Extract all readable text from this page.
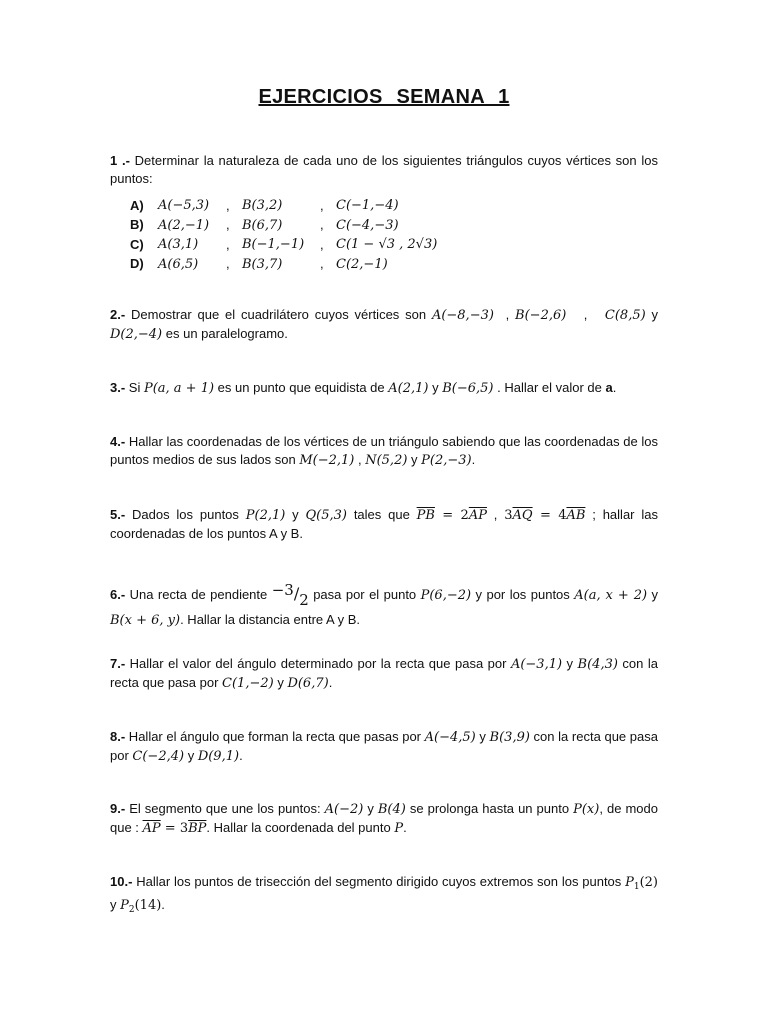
EJERCICIOS SEMANA 1
1 .- Determinar la naturaleza de cada uno de los siguientes triángulos cuyos vértices son los puntos:
A)	A(−5,3)	,	B(3,2)	,	C(−1,−4)
B)	A(2,−1)	,	B(6,7)	,	C(−4,−3)
C)	A(3,1)	,	B(−1,−1)	,	C(1 − √3 , 2√3)
D)	A(6,5)	,	B(3,7)	,	C(2,−1)
2.- Demostrar que el cuadrilátero cuyos vértices son A(−8,−3)  , B(−2,6)   ,   C(8,5) y D(2,−4) es un paralelogramo.
3.- Si P(a, a + 1) es un punto que equidista de A(2,1) y B(−6,5) . Hallar el valor de a.
4.- Hallar las coordenadas de los vértices de un triángulo sabiendo que las coordenadas de los puntos medios de sus lados son M(−2,1) , N(5,2) y P(2,−3).
5.- Dados los puntos P(2,1) y Q(5,3) tales que $\overline{PB} = 2\overline{AP}$ , $3\overline{AQ} = 4\overline{AB}$ ; hallar las coordenadas de los puntos A y B.
6.- Una recta de pendiente −3/2 pasa por el punto P(6,−2) y por los puntos A(a, x + 2) y B(x + 6, y). Hallar la distancia entre A y B.
7.- Hallar el valor del ángulo determinado por la recta que pasa por A(−3,1) y B(4,3) con la recta que pasa por C(1,−2) y D(6,7).
8.- Hallar el ángulo que forman la recta que pasas por A(−4,5) y B(3,9) con la recta que pasa por C(−2,4) y D(9,1).
9.- El segmento que une los puntos: A(−2) y B(4) se prolonga hasta un punto P(x), de modo que : $\overline{AP} = 3\overline{BP}$. Hallar la coordenada del punto P.
10.- Hallar los puntos de trisección del segmento dirigido cuyos extremos son los puntos $P_1(2)$ y $P_2(14)$.
